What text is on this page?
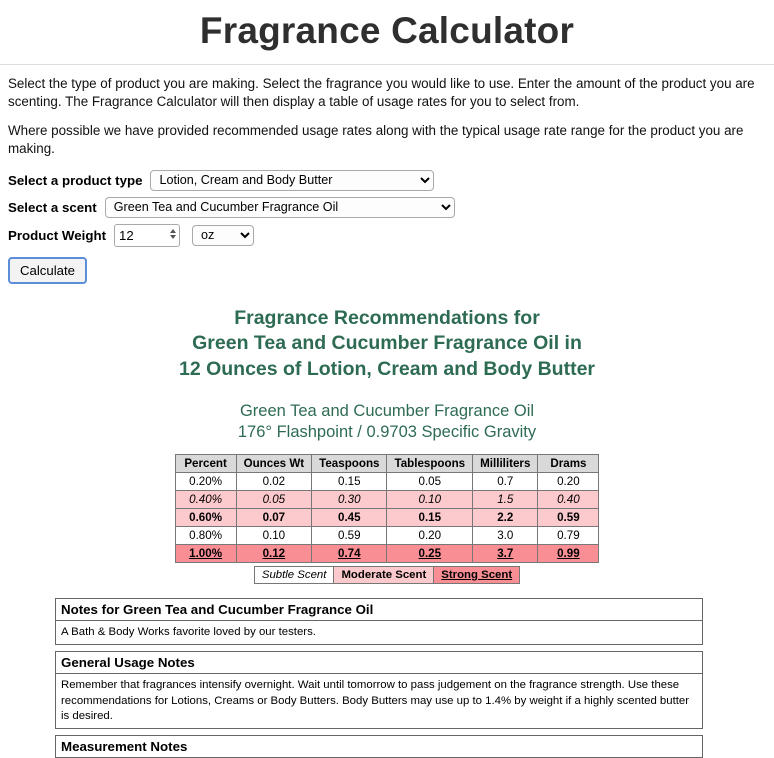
Fragrance Calculator

Select the type of product you are making. Select the fragrance you would like to use. Enter the amount of the product you are scenting. The Fragrance Calculator will then display a table of usage rates for you to select from.

Where possible we have provided recommended usage rates along with the typical usage rate range for the product you are making.

Select a product type
Lotion, Cream and Body Butter
Select a scent
Green Tea and Cucumber Fragrance Oil
Product Weight
12
oz
Calculate
Fragrance Recommendations for
Green Tea and Cucumber Fragrance Oil in
12 Ounces of Lotion, Cream and Body Butter
Green Tea and Cucumber Fragrance Oil
176° Flashpoint / 0.9703 Specific Gravity
Percent	Ounces Wt	Teaspoons	Tablespoons	Milliliters	Drams
0.20%	0.02	0.15	0.05	0.7	0.20
0.40%	0.05	0.30	0.10	1.5	0.40
0.60%	0.07	0.45	0.15	2.2	0.59
0.80%	0.10	0.59	0.20	3.0	0.79
1.00%	0.12	0.74	0.25	3.7	0.99
Subtle Scent	Moderate Scent	Strong Scent
Notes for Green Tea and Cucumber Fragrance Oil
A Bath & Body Works favorite loved by our testers.
General Usage Notes
Remember that fragrances intensify overnight. Wait until tomorrow to pass judgement on the fragrance strength. Use these recommendations for Lotions, Creams or Body Butters. Body Butters may use up to 1.4% by weight if a highly scented butter is desired.
Measurement Notes
